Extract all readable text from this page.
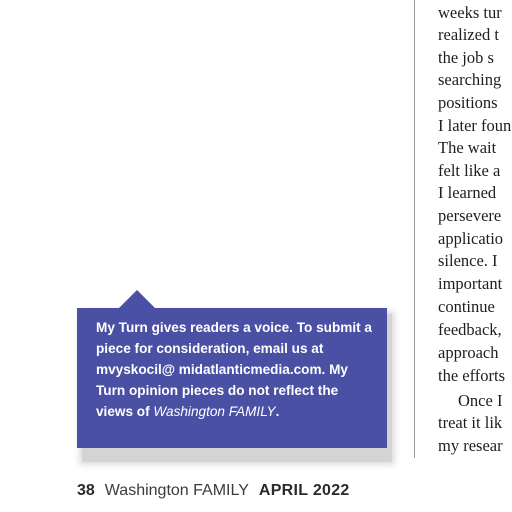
weeks tur
realized t
the job s
searching
positions
I later foun
The wait
felt like a
I learned
persevere
applicatio
silence. I
important
continue
feedback,
approach
the efforts
Once I
treat it lik
my resear

My Turn gives readers a voice. To submit a piece for consideration, email us at mvyskocil@ midatlanticmedia.com. My Turn opinion pieces do not reflect the views of Washington FAMILY.

38 Washington FAMILY APRIL 2022
